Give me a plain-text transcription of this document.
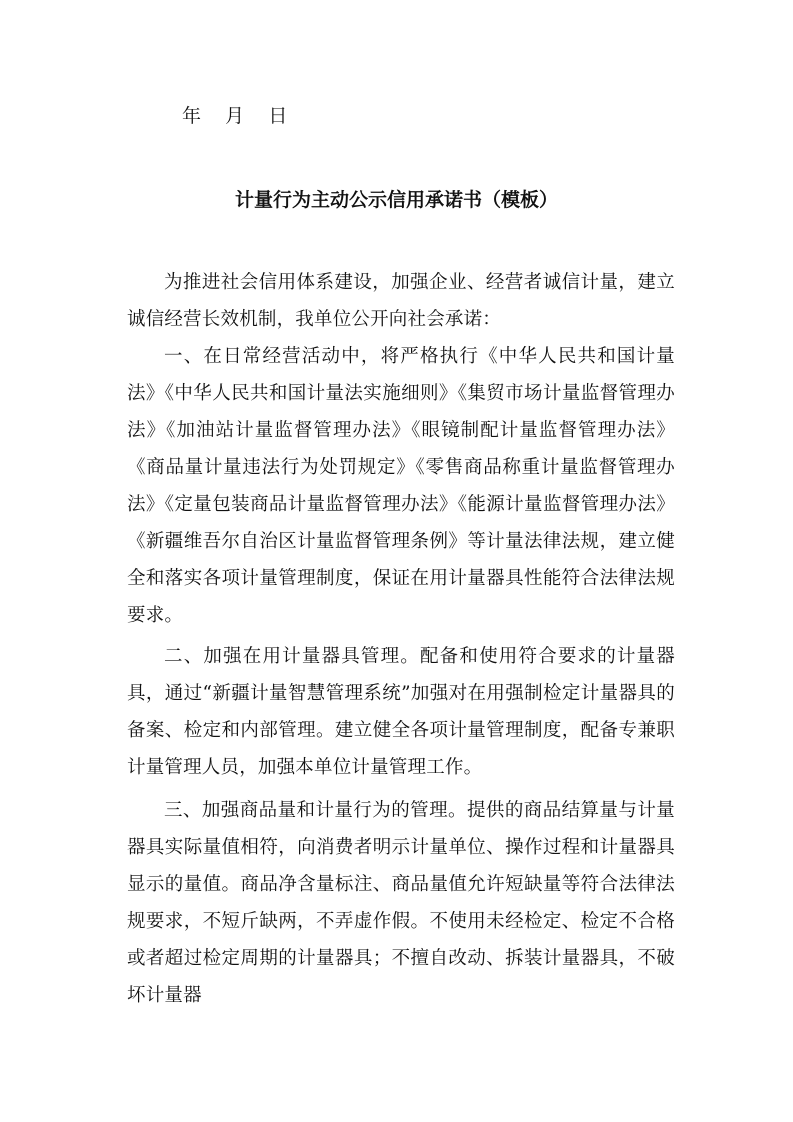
年    月    日
计量行为主动公示信用承诺书（模板）

为推进社会信用体系建设，加强企业、经营者诚信计量，建立诚信经营长效机制，我单位公开向社会承诺：

一、在日常经营活动中，将严格执行《中华人民共和国计量法》《中华人民共和国计量法实施细则》《集贸市场计量监督管理办法》《加油站计量监督管理办法》《眼镜制配计量监督管理办法》《商品量计量违法行为处罚规定》《零售商品称重计量监督管理办法》《定量包装商品计量监督管理办法》《能源计量监督管理办法》《新疆维吾尔自治区计量监督管理条例》等计量法律法规，建立健全和落实各项计量管理制度，保证在用计量器具性能符合法律法规要求。

二、加强在用计量器具管理。配备和使用符合要求的计量器具，通过“新疆计量智慧管理系统”加强对在用强制检定计量器具的备案、检定和内部管理。建立健全各项计量管理制度，配备专兼职计量管理人员，加强本单位计量管理工作。

三、加强商品量和计量行为的管理。提供的商品结算量与计量器具实际量值相符，向消费者明示计量单位、操作过程和计量器具显示的量值。商品净含量标注、商品量值允许短缺量等符合法律法规要求，不短斤缺两，不弄虚作假。不使用未经检定、检定不合格或者超过检定周期的计量器具；不擅自改动、拆装计量器具，不破坏计量器
